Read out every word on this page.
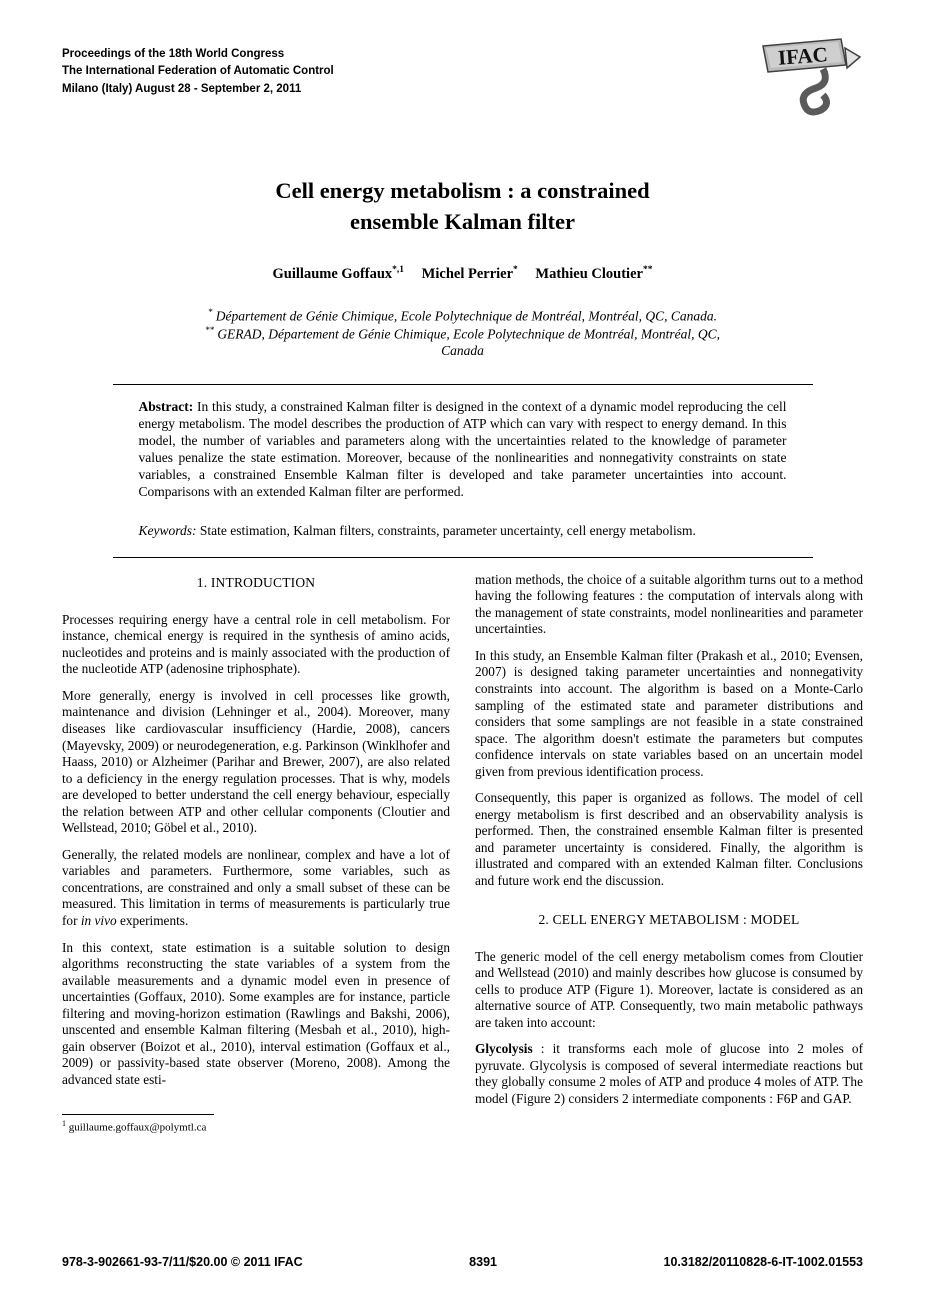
Proceedings of the 18th World Congress
The International Federation of Automatic Control
Milano (Italy) August 28 - September 2, 2011
IFAC
Cell energy metabolism : a constrained
ensemble Kalman filter
Guillaume Goffaux$^{*,1}$ Michel Perrier* Mathieu Cloutier**
* Département de Génie Chimique, Ecole Polytechnique de Montréal, Montréal, QC, Canada.
** GERAD, Département de Génie Chimique, Ecole Polytechnique de Montréal, Montréal, QC, Canada

Abstract: In this study, a constrained Kalman filter is designed in the context of a dynamic model reproducing the cell energy metabolism. The model describes the production of ATP which can vary with respect to energy demand. In this model, the number of variables and parameters along with the uncertainties related to the knowledge of parameter values penalize the state estimation. Moreover, because of the nonlinearities and nonnegativity constraints on state variables, a constrained Ensemble Kalman filter is developed and take parameter uncertainties into account. Comparisons with an extended Kalman filter are performed.

Keywords: State estimation, Kalman filters, constraints, parameter uncertainty, cell energy metabolism.

1. INTRODUCTION

Processes requiring energy have a central role in cell metabolism. For instance, chemical energy is required in the synthesis of amino acids, nucleotides and proteins and is mainly associated with the production of the nucleotide ATP (adenosine triphosphate).

More generally, energy is involved in cell processes like growth, maintenance and division (Lehninger et al., 2004). Moreover, many diseases like cardiovascular insufficiency (Hardie, 2008), cancers (Mayevsky, 2009) or neurodegeneration, e.g. Parkinson (Winklhofer and Haass, 2010) or Alzheimer (Parihar and Brewer, 2007), are also related to a deficiency in the energy regulation processes. That is why, models are developed to better understand the cell energy behaviour, especially the relation between ATP and other cellular components (Cloutier and Wellstead, 2010; Göbel et al., 2010).

Generally, the related models are nonlinear, complex and have a lot of variables and parameters. Furthermore, some variables, such as concentrations, are constrained and only a small subset of these can be measured. This limitation in terms of measurements is particularly true for in vivo experiments.

In this context, state estimation is a suitable solution to design algorithms reconstructing the state variables of a system from the available measurements and a dynamic model even in presence of uncertainties (Goffaux, 2010). Some examples are for instance, particle filtering and moving-horizon estimation (Rawlings and Bakshi, 2006), unscented and ensemble Kalman filtering (Mesbah et al., 2010), high-gain observer (Boizot et al., 2010), interval estimation (Goffaux et al., 2009) or passivity-based state observer (Moreno, 2008). Among the advanced state esti-

$^1$ guillaume.goffaux@polymtl.ca

mation methods, the choice of a suitable algorithm turns out to a method having the following features : the computation of intervals along with the management of state constraints, model nonlinearities and parameter uncertainties.

In this study, an Ensemble Kalman filter (Prakash et al., 2010; Evensen, 2007) is designed taking parameter uncertainties and nonnegativity constraints into account. The algorithm is based on a Monte-Carlo sampling of the estimated state and parameter distributions and considers that some samplings are not feasible in a state constrained space. The algorithm doesn't estimate the parameters but computes confidence intervals on state variables based on an uncertain model given from previous identification process.

Consequently, this paper is organized as follows. The model of cell energy metabolism is first described and an observability analysis is performed. Then, the constrained ensemble Kalman filter is presented and parameter uncertainty is considered. Finally, the algorithm is illustrated and compared with an extended Kalman filter. Conclusions and future work end the discussion.

2. CELL ENERGY METABOLISM : MODEL

The generic model of the cell energy metabolism comes from Cloutier and Wellstead (2010) and mainly describes how glucose is consumed by cells to produce ATP (Figure 1). Moreover, lactate is considered as an alternative source of ATP. Consequently, two main metabolic pathways are taken into account:

Glycolysis : it transforms each mole of glucose into 2 moles of pyruvate. Glycolysis is composed of several intermediate reactions but they globally consume 2 moles of ATP and produce 4 moles of ATP. The model (Figure 2) considers 2 intermediate components : F6P and GAP.

978-3-902661-93-7/11/$20.00 © 2011 IFAC	8391	10.3182/20110828-6-IT-1002.01553
